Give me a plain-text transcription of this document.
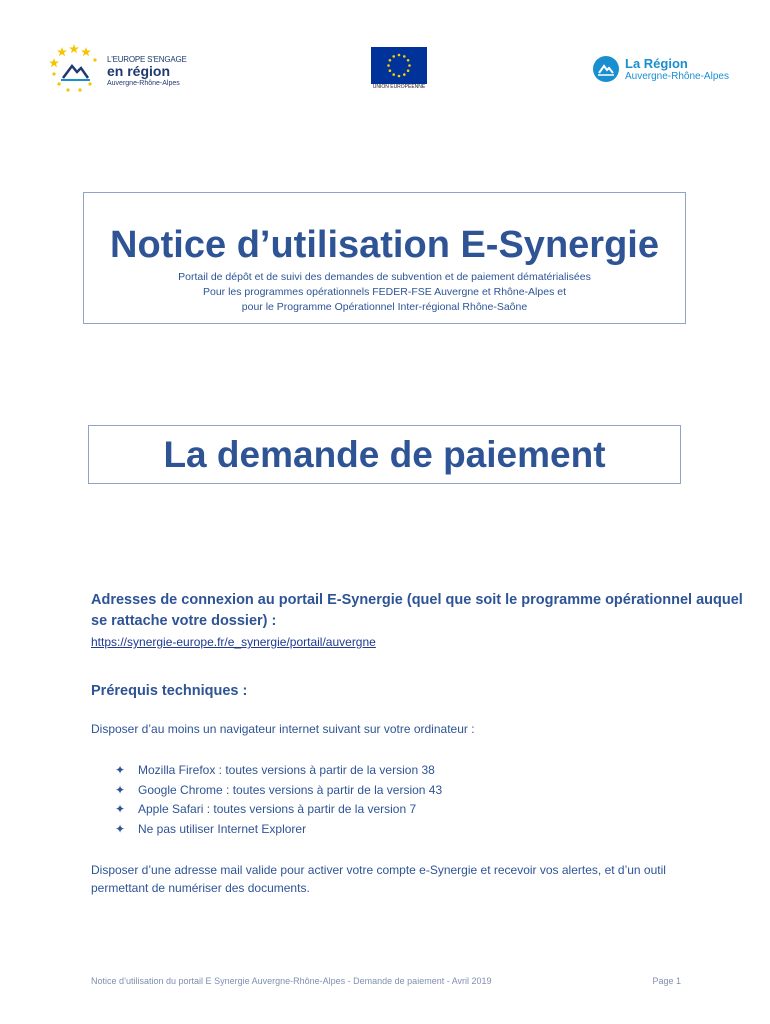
L'EUROPE S'ENGAGE
en région
Auvergne-Rhône-Alpes	UNION EUROPÉENNE
La Région
Auvergne-Rhône-Alpes
Notice d’utilisation E-Synergie
Portail de dépôt et de suivi des demandes de subvention et de paiement dématérialisées
Pour les programmes opérationnels FEDER-FSE Auvergne et Rhône-Alpes et
pour le Programme Opérationnel Inter-régional Rhône-Saône
La demande de paiement

Adresses de connexion au portail E-Synergie (quel que soit le programme opérationnel auquel se rattache votre dossier) :

https://synergie-europe.fr/e_synergie/portail/auvergne

Prérequis techniques :

Disposer d’au moins un navigateur internet suivant sur votre ordinateur :

✦ Mozilla Firefox : toutes versions à partir de la version 38
✦ Google Chrome : toutes versions à partir de la version 43
✦ Apple Safari : toutes versions à partir de la version 7
✦ Ne pas utiliser Internet Explorer

Disposer d’une adresse mail valide pour activer votre compte e-Synergie et recevoir vos alertes, et d’un outil permettant de numériser des documents.

Notice d’utilisation du portail E Synergie Auvergne-Rhône-Alpes - Demande de paiement - Avril 2019	Page 1
